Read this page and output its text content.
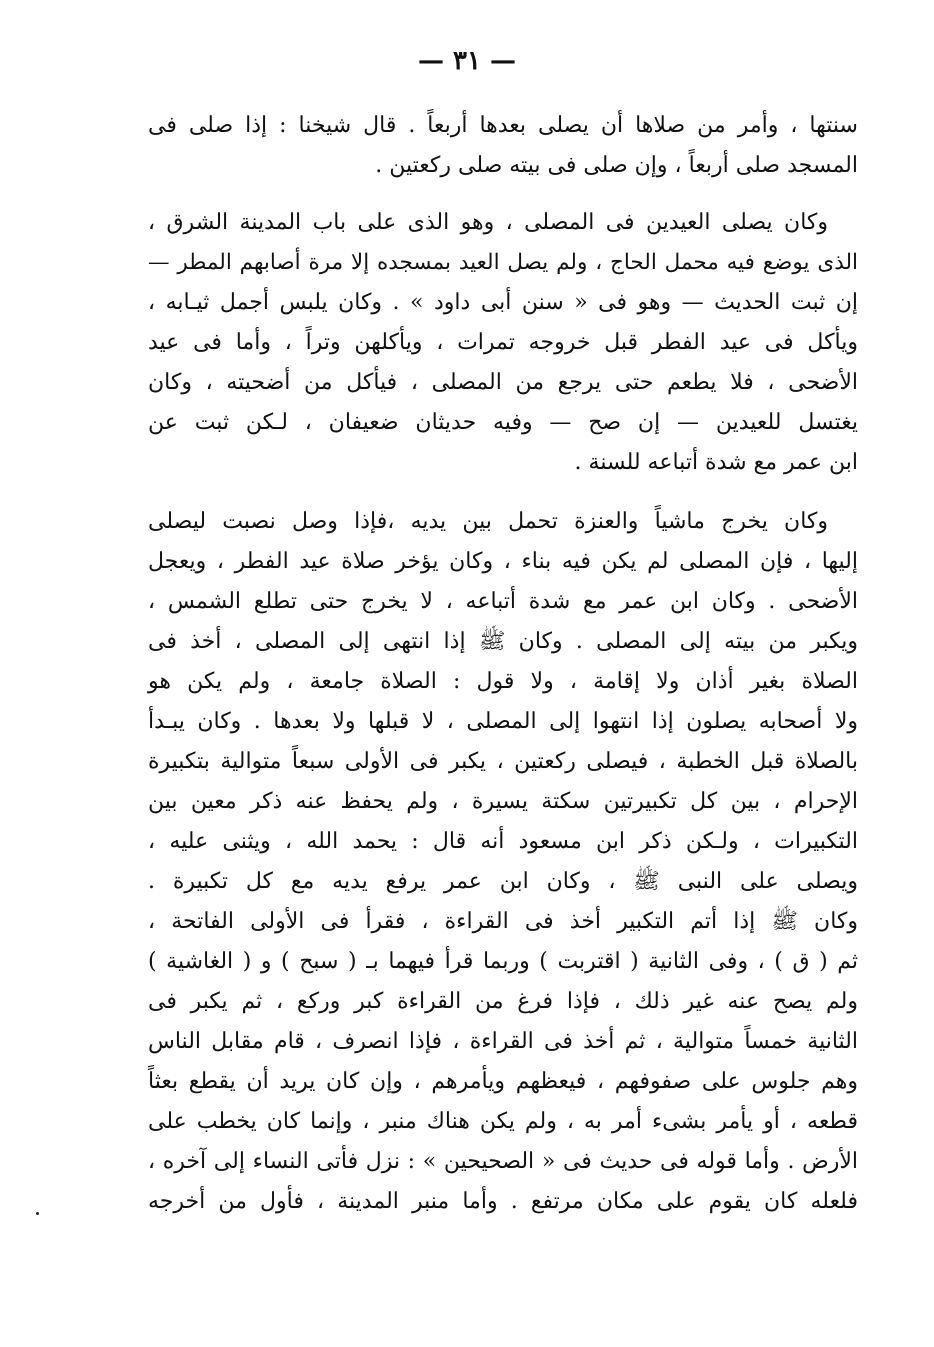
— ٣١ —
سنتها ، وأمر من صلاها أن يصلى بعدها أربعاً . قال شيخنا : إذا صلى فى
المسجد صلى أربعاً ، وإن صلى فى بيته صلى ركعتين .
وكان يصلى العيدين فى المصلى ، وهو الذى على باب المدينة الشرق ،
الذى يوضع فيه محمل الحاج ، ولم يصل العيد بمسجده إلا مرة أصابهم المطر —
إن ثبت الحديث — وهو فى « سنن أبى داود » . وكان يلبس أجمل ثيـابه ،
ويأكل فى عيد الفطر قبل خروجه تمرات ، ويأكلهن وتراً ، وأما فى عيد
الأضحى ، فلا يطعم حتى يرجع من المصلى ، فيأكل من أضحيته ، وكان
يغتسل للعيدين — إن صح — وفيه حديثان ضعيفان ، لـكن ثبت عن
ابن عمر مع شدة أتباعه للسنة .
وكان يخرج ماشياً والعنزة تحمل بين يديه ،فإذا وصل نصبت ليصلى
إليها ، فإن المصلى لم يكن فيه بناء ، وكان يؤخر صلاة عيد الفطر ، ويعجل
الأضحى . وكان ابن عمر مع شدة أتباعه ، لا يخرج حتى تطلع الشمس ،
ويكبر من بيته إلى المصلى . وكان ﷺ إذا انتهى إلى المصلى ، أخذ فى
الصلاة بغير أذان ولا إقامة ، ولا قول : الصلاة جامعة ، ولم يكن هو
ولا أصحابه يصلون إذا انتهوا إلى المصلى ، لا قبلها ولا بعدها . وكان يبـدأ
بالصلاة قبل الخطبة ، فيصلى ركعتين ، يكبر فى الأولى سبعاً متوالية بتكبيرة
الإحرام ، بين كل تكبيرتين سكتة يسيرة ، ولم يحفظ عنه ذكر معين بين
التكبيرات ، ولـكن ذكر ابن مسعود أنه قال : يحمد الله ، ويثنى عليه ،
ويصلى على النبى ﷺ ، وكان ابن عمر يرفع يديه مع كل تكبيرة .
وكان ﷺ إذا أتم التكبير أخذ فى القراءة ، فقرأ فى الأولى الفاتحة ،
ثم ( ق ) ، وفى الثانية ( اقتربت ) وربما قرأ فيهما بـ ( سبح ) و ( الغاشية )
ولم يصح عنه غير ذلك ، فإذا فرغ من القراءة كبر وركع ، ثم يكبر فى
الثانية خمساً متوالية ، ثم أخذ فى القراءة ، فإذا انصرف ، قام مقابل الناس
وهم جلوس على صفوفهم ، فيعظهم ويأمرهم ، وإن كان يريد أن يقطع بعثاً
قطعه ، أو يأمر بشىء أمر به ، ولم يكن هناك منبر ، وإنما كان يخطب على
الأرض . وأما قوله فى حديث فى « الصحيحين » : نزل فأتى النساء إلى آخره ،
فلعله كان يقوم على مكان مرتفع . وأما منبر المدينة ، فأول من أخرجه
